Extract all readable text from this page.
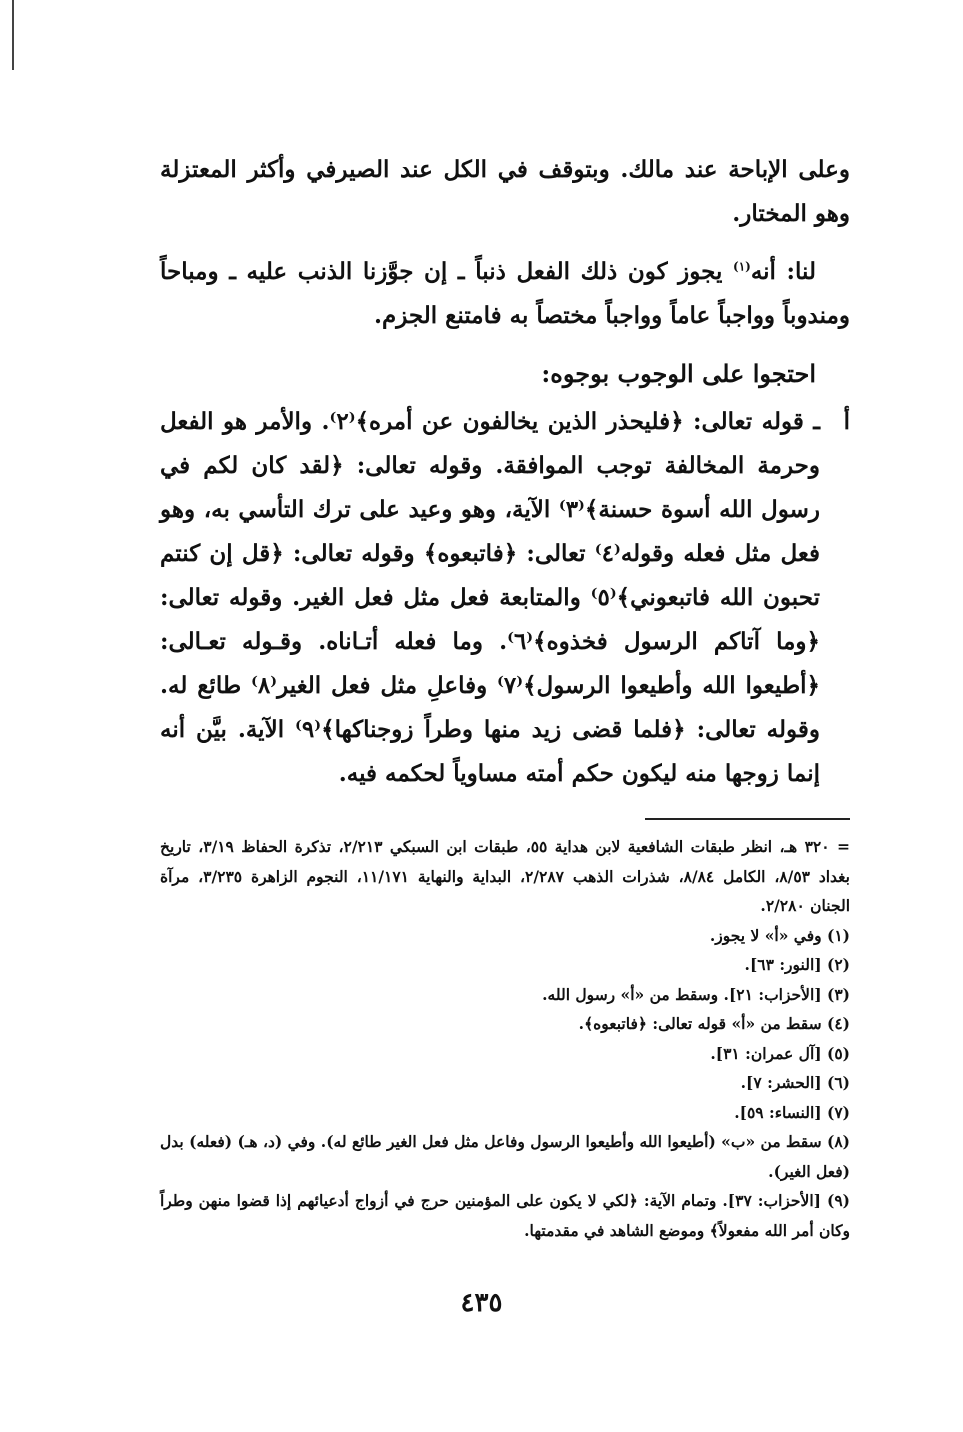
وعلى الإباحة عند مالك. وبتوقف في الكل عند الصيرفي وأكثر المعتزلة وهو المختار.

لنا: أنه$^{(١)}$ يجوز كون ذلك الفعل ذنباً ـ إن جوَّزنا الذنب عليه ـ ومباحاً ومندوباً وواجباً عاماً وواجباً مختصاً به فامتنع الجزم.

احتجوا على الوجوب بوجوه:

أ
ـ قوله تعالى: ﴿فليحذر الذين يخالفون عن أمره﴾⁽٢⁾. والأمر هو الفعل وحرمة المخالفة توجب الموافقة. وقوله تعالى: ﴿لقد كان لكم في رسول الله أسوة حسنة﴾⁽٣⁾ الآية، وهو وعيد على ترك التأسي به، وهو فعل مثل فعله وقوله⁽٤⁾ تعالى: ﴿فاتبعوه﴾ وقوله تعالى: ﴿قل إن كنتم تحبون الله فاتبعوني﴾⁽٥⁾ والمتابعة فعل مثل فعل الغير. وقوله تعالى: ﴿وما آتاكم الرسول فخذوه﴾⁽٦⁾. وما فعله أتـاناه. وقـوله تعـالى: ﴿أطيعوا الله وأطيعوا الرسول﴾⁽٧⁾ وفاعلِ مثل فعل الغير⁽٨⁾ طائع له. وقوله تعالى: ﴿فلما قضى زيد منها وطراً زوجناكها﴾⁽٩⁾ الآية. بيَّن أنه إنما زوجها منه ليكون حكم أمته مساوياً لحكمه فيه.

= ٣٢٠ هـ، انظر طبقات الشافعية لابن هداية ٥٥، طبقات ابن السبكي ٢/٢١٣، تذكرة الحفاظ ٣/١٩، تاريخ بغداد ٨/٥٣، الكامل ٨/٨٤، شذرات الذهب ٢/٢٨٧، البداية والنهاية ١١/١٧١، النجوم الزاهرة ٣/٢٣٥، مرآة الجنان ٢/٢٨٠.

(١) وفي «أ» لا يجوز.

(٢) [النور: ٦٣].

(٣) [الأحزاب: ٢١]. وسقط من «أ» رسول الله.

(٤) سقط من «أ» قوله تعالى: ﴿فاتبعوه﴾.

(٥) [آل عمران: ٣١].

(٦) [الحشر: ٧].

(٧) [النساء: ٥٩].

(٨) سقط من «ب» (أطيعوا الله وأطيعوا الرسول وفاعل مثل فعل الغير طائع له). وفي (د، هـ) (فعله) بدل (فعل الغير).

(٩) [الأحزاب: ٣٧]. وتمام الآية: ﴿لكي لا يكون على المؤمنين حرج في أزواج أدعيائهم إذا قضوا منهن وطراً وكان أمر الله مفعولاً﴾ وموضع الشاهد في مقدمتها.

٤٣٥
